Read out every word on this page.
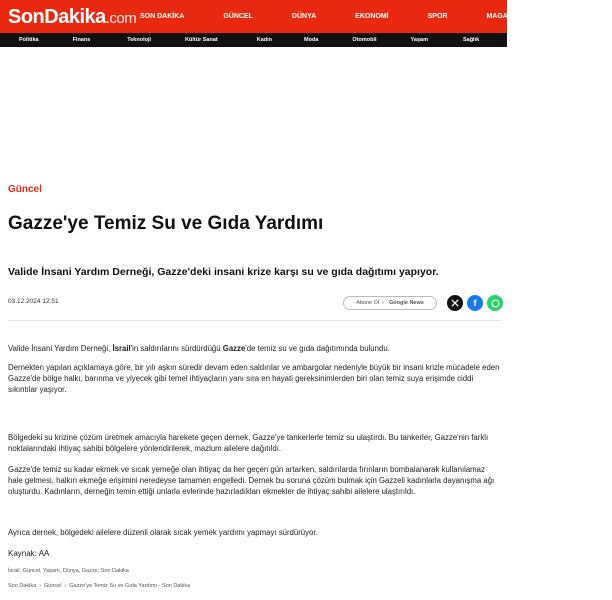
SonDakika.com SON DAKİKA	GÜNCEL	DÜNYA	EKONOMİ	SPOR	MAGAZİN	YER
Politika	Finans	Teknoloji	Kültür Sanat	Kadın	Moda	Otomobil	Yaşam	Sağlık
Güncel
Gazze'ye Temiz Su ve Gıda Yardımı
Valide İnsani Yardım Derneği, Gazze'deki insani krize karşı su ve gıda dağıtımı yapıyor.
03.12.2024 12:51	Abone Ol › Google News	f

Valide İnsani Yardım Derneği, İsrail'in saldırılarını sürdürdüğü Gazze'de temiz su ve gıda dağıtımında bulundu.

Dernekten yapılan açıklamaya göre, bir yılı aşkın süredir devam eden saldırılar ve ambargolar nedeniyle büyük bir insani krizle mücadele eden Gazze'de bölge halkı, barınma ve yiyecek gibi temel ihtiyaçların yanı sıra en hayati gereksinimlerden biri olan temiz suya erişimde ciddi sıkıntılar yaşıyor.

Bölgedeki su krizine çözüm üretmek amacıyla harekete geçen dernek, Gazze'ye tankerlerle temiz su ulaştırdı. Bu tankerler, Gazze'nin farklı noktalarındaki ihtiyaç sahibi bölgelere yönlendirilerek, mazlum ailelere dağıtıldı.

Gazze'de temiz su kadar ekmek ve sıcak yemeğe olan ihtiyaç da her geçen gün artarken, saldırılarda fırınların bombalanarak kullanılamaz hale gelmesi, halkın ekmeğe erişimini neredeyse tamamen engelledi. Dernek bu soruna çözüm bulmak için Gazzeli kadınlarla dayanışma ağı oluşturdu. Kadınların, derneğin temin ettiği unlarla evlerinde hazırladıkları ekmekler de ihtiyaç sahibi ailelere ulaştırıldı.

Ayrıca dernek, bölgedeki ailelere düzenli olarak sıcak yemek yardımı yapmayı sürdürüyor.

Kaynak: AA
İsrail, Güncel, Yaşam, Dünya, Gazze, Son Dakika
Son Dakika › Güncel › Gazze'ye Temiz Su ve Gıda Yardımı - Son Dakika
